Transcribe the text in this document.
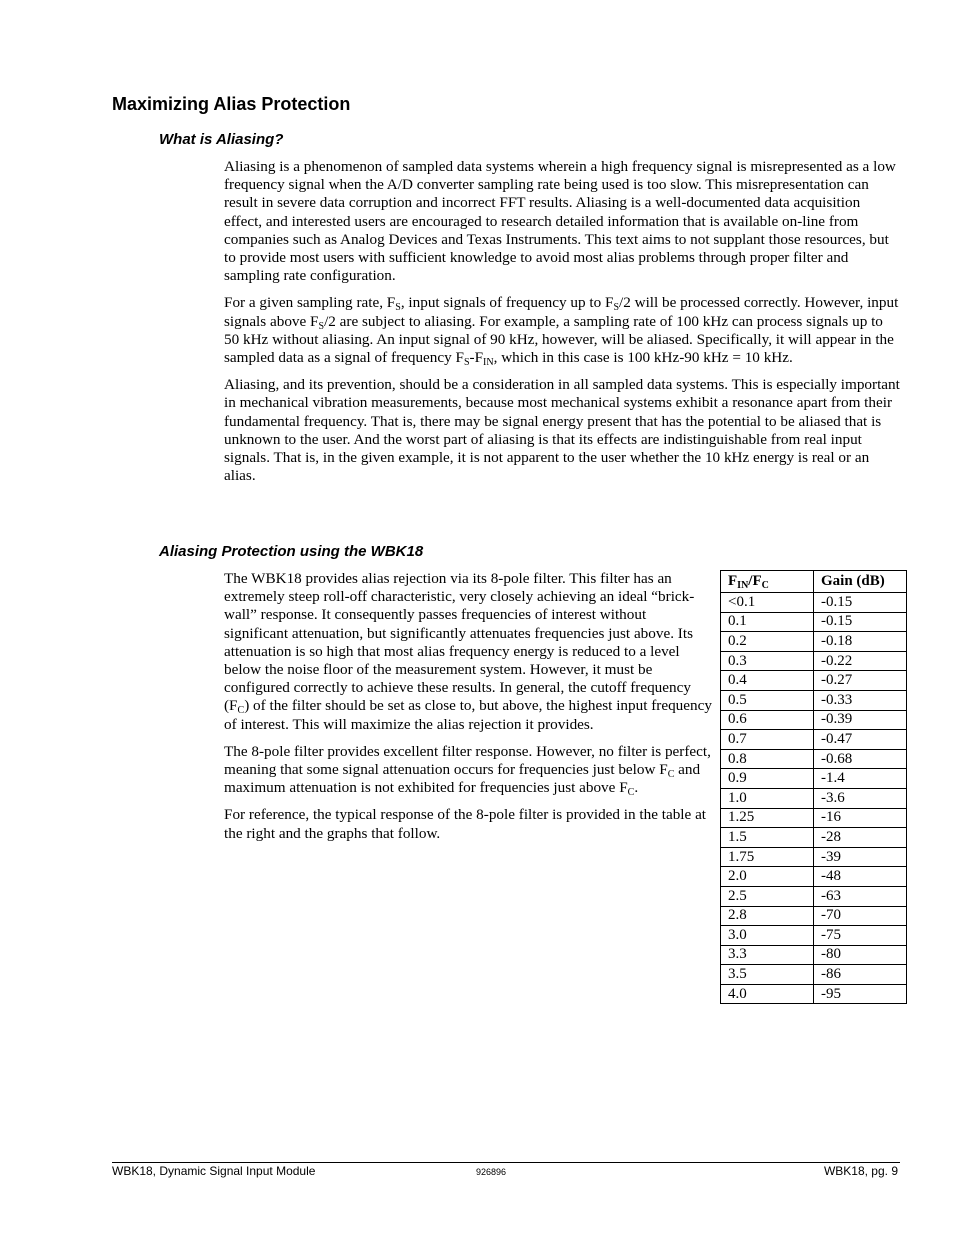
Maximizing Alias Protection
What is Aliasing?

Aliasing is a phenomenon of sampled data systems wherein a high frequency signal is misrepresented as a low frequency signal when the A/D converter sampling rate being used is too slow. This misrepresentation can result in severe data corruption and incorrect FFT results. Aliasing is a well-documented data acquisition effect, and interested users are encouraged to research detailed information that is available on-line from companies such as Analog Devices and Texas Instruments. This text aims to not supplant those resources, but to provide most users with sufficient knowledge to avoid most alias problems through proper filter and sampling rate configuration.

For a given sampling rate, $F_S$, input signals of frequency up to $F_S/2$ will be processed correctly. However, input signals above $F_S/2$ are subject to aliasing. For example, a sampling rate of 100 kHz can process signals up to 50 kHz without aliasing. An input signal of 90 kHz, however, will be aliased. Specifically, it will appear in the sampled data as a signal of frequency $F_S-F_{IN}$, which in this case is 100 kHz-90 kHz = 10 kHz.

Aliasing, and its prevention, should be a consideration in all sampled data systems. This is especially important in mechanical vibration measurements, because most mechanical systems exhibit a resonance apart from their fundamental frequency. That is, there may be signal energy present that has the potential to be aliased that is unknown to the user. And the worst part of aliasing is that its effects are indistinguishable from real input signals. That is, in the given example, it is not apparent to the user whether the 10 kHz energy is real or an alias.

Aliasing Protection using the WBK18

The WBK18 provides alias rejection via its 8-pole filter. This filter has an extremely steep roll-off characteristic, very closely achieving an ideal “brick-wall” response. It consequently passes frequencies of interest without significant attenuation, but significantly attenuates frequencies just above. Its attenuation is so high that most alias frequency energy is reduced to a level below the noise floor of the measurement system. However, it must be configured correctly to achieve these results. In general, the cutoff frequency $(F_C)$ of the filter should be set as close to, but above, the highest input frequency of interest. This will maximize the alias rejection it provides.

The 8-pole filter provides excellent filter response. However, no filter is perfect, meaning that some signal attenuation occurs for frequencies just below $F_C$ and maximum attenuation is not exhibited for frequencies just above $F_C$.

For reference, the typical response of the 8-pole filter is provided in the table at the right and the graphs that follow.

$F_{IN}/F_C$	Gain (dB)
<0.1	-0.15
0.1	-0.15
0.2	-0.18
0.3	-0.22
0.4	-0.27
0.5	-0.33
0.6	-0.39
0.7	-0.47
0.8	-0.68
0.9	-1.4
1.0	-3.6
1.25	-16
1.5	-28
1.75	-39
2.0	-48
2.5	-63
2.8	-70
3.0	-75
3.3	-80
3.5	-86
4.0	-95
WBK18, Dynamic Signal Input Module	926896	WBK18, pg. 9
